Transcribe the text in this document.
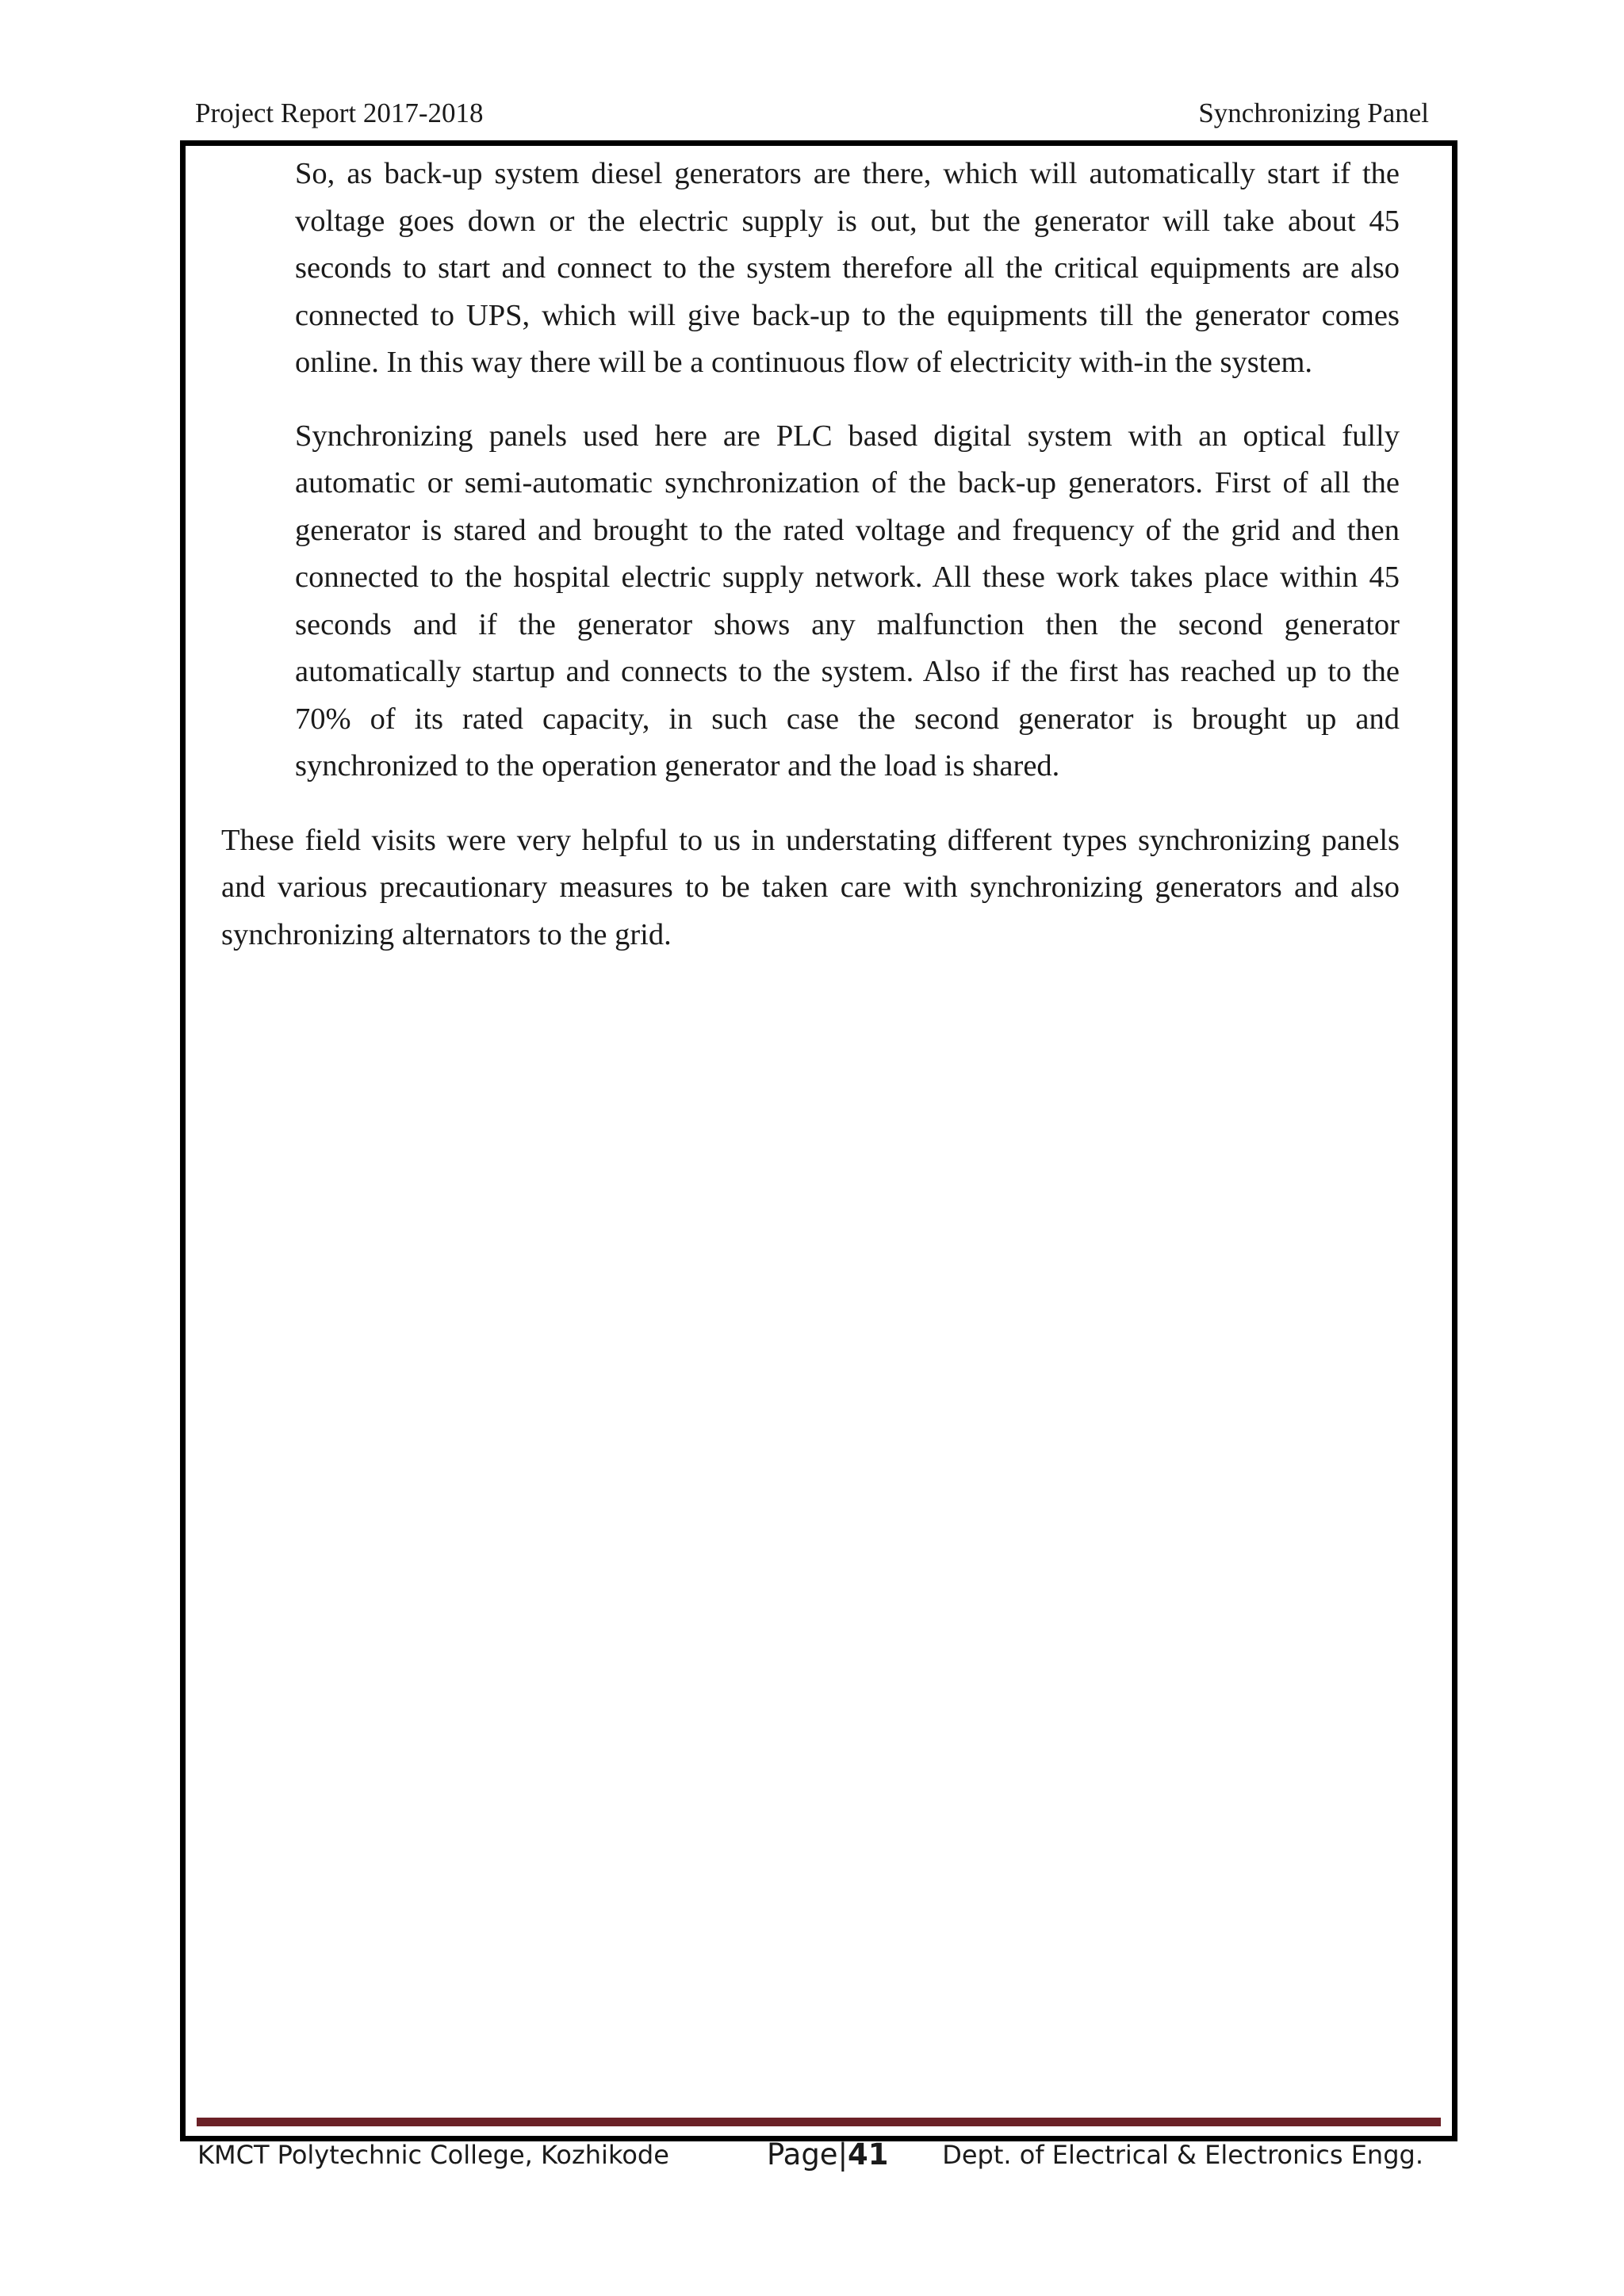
Project Report 2017-2018	Synchronizing Panel

So, as back-up system diesel generators are there, which will automatically start if the voltage goes down or the electric supply is out, but the generator will take about 45 seconds to start and connect to the system therefore all the critical equipments are also connected to UPS, which will give back-up to the equipments till the generator comes online. In this way there will be a continuous flow of electricity with-in the system.

Synchronizing panels used here are PLC based digital system with an optical fully automatic or semi-automatic synchronization of the back-up generators. First of all the generator is stared and brought to the rated voltage and frequency of the grid and then connected to the hospital electric supply network. All these work takes place within 45 seconds and if the generator shows any malfunction then the second generator automatically startup and connects to the system. Also if the first has reached up to the 70% of its rated capacity, in such case the second generator is brought up and synchronized to the operation generator and the load is shared.

These field visits were very helpful to us in understating different types synchronizing panels and various precautionary measures to be taken care with synchronizing generators and also synchronizing alternators to the grid.

KMCT Polytechnic College, Kozhikode	Page|41 Dept. of Electrical & Electronics Engg.
